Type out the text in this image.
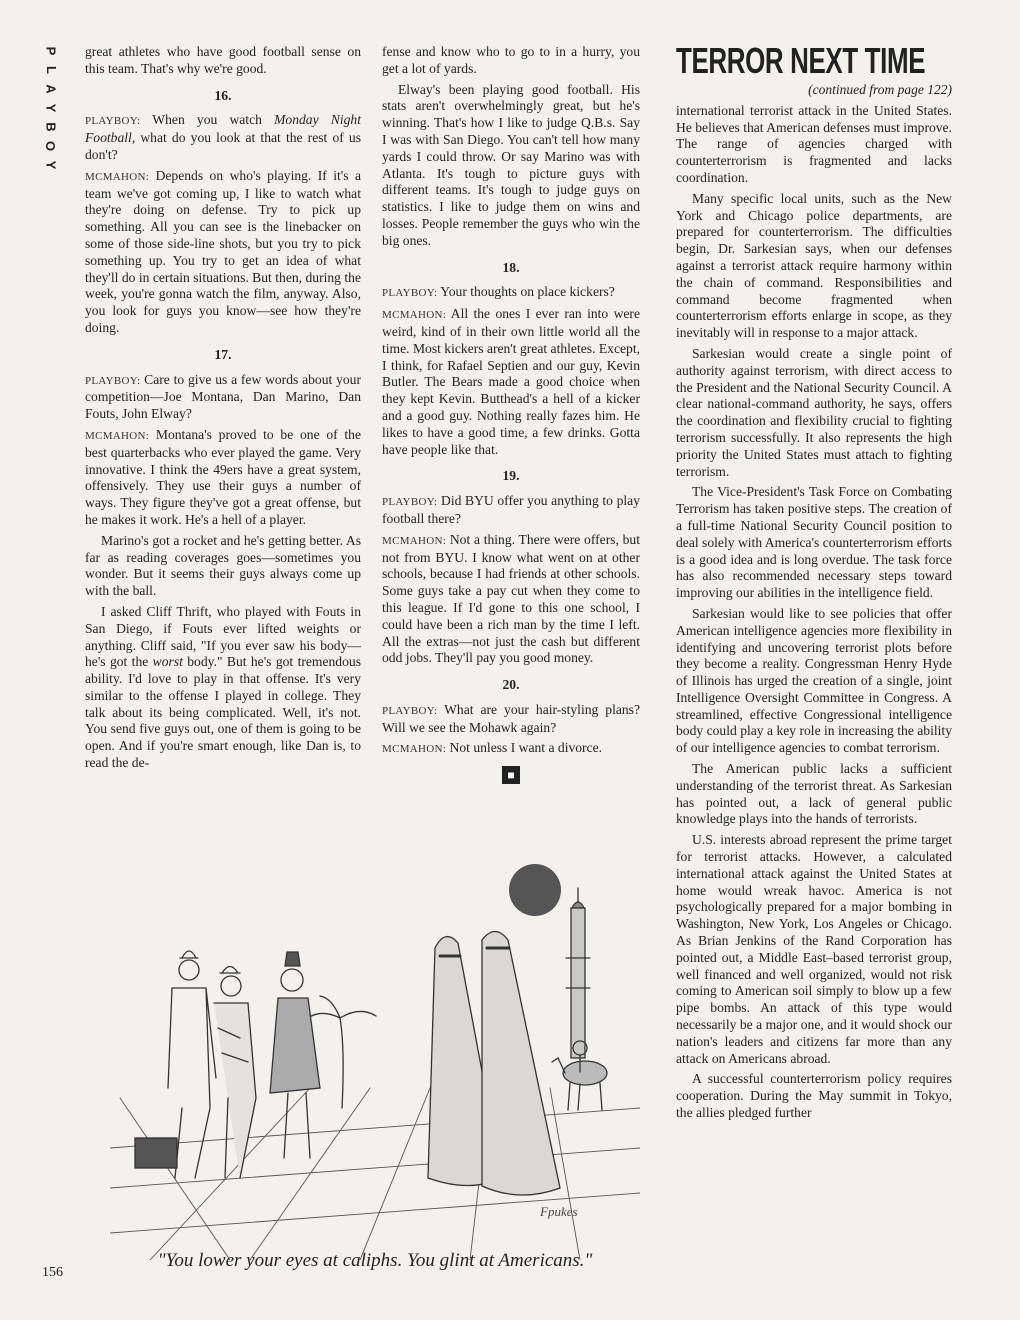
P
L
A
Y
B
O
Y

great athletes who have good football sense on this team. That's why we're good.

16.

PLAYBOY: When you watch Monday Night Football, what do you look at that the rest of us don't?

MCMAHON: Depends on who's playing. If it's a team we've got coming up, I like to watch what they're doing on defense. Try to pick up something. All you can see is the linebacker on some of those side-line shots, but you try to pick something up. You try to get an idea of what they'll do in certain situations. But then, during the week, you're gonna watch the film, anyway. Also, you look for guys you know—see how they're doing.

17.

PLAYBOY: Care to give us a few words about your competition—Joe Montana, Dan Marino, Dan Fouts, John Elway?

MCMAHON: Montana's proved to be one of the best quarterbacks who ever played the game. Very innovative. I think the 49ers have a great system, offensively. They use their guys a number of ways. They figure they've got a great offense, but he makes it work. He's a hell of a player.

Marino's got a rocket and he's getting better. As far as reading coverages goes—sometimes you wonder. But it seems their guys always come up with the ball.

I asked Cliff Thrift, who played with Fouts in San Diego, if Fouts ever lifted weights or anything. Cliff said, "If you ever saw his body—he's got the worst body." But he's got tremendous ability. I'd love to play in that offense. It's very similar to the offense I played in college. They talk about its being complicated. Well, it's not. You send five guys out, one of them is going to be open. And if you're smart enough, like Dan is, to read the de-

fense and know who to go to in a hurry, you get a lot of yards.

Elway's been playing good football. His stats aren't overwhelmingly great, but he's winning. That's how I like to judge Q.B.s. Say I was with San Diego. You can't tell how many yards I could throw. Or say Marino was with Atlanta. It's tough to picture guys with different teams. It's tough to judge guys on statistics. I like to judge them on wins and losses. People remember the guys who win the big ones.

18.

PLAYBOY: Your thoughts on place kickers?

MCMAHON: All the ones I ever ran into were weird, kind of in their own little world all the time. Most kickers aren't great athletes. Except, I think, for Rafael Septien and our guy, Kevin Butler. The Bears made a good choice when they kept Kevin. Butthead's a hell of a kicker and a good guy. Nothing really fazes him. He likes to have a good time, a few drinks. Gotta have people like that.

19.

PLAYBOY: Did BYU offer you anything to play football there?

MCMAHON: Not a thing. There were offers, but not from BYU. I know what went on at other schools, because I had friends at other schools. Some guys take a pay cut when they come to this league. If I'd gone to this one school, I could have been a rich man by the time I left. All the extras—not just the cash but different odd jobs. They'll pay you good money.

20.

PLAYBOY: What are your hair-styling plans? Will we see the Mohawk again?

MCMAHON: Not unless I want a divorce.

■
TERROR NEXT TIME
(continued from page 122)

international terrorist attack in the United States. He believes that American defenses must improve. The range of agencies charged with counterterrorism is fragmented and lacks coordination.

Many specific local units, such as the New York and Chicago police departments, are prepared for counterterrorism. The difficulties begin, Dr. Sarkesian says, when our defenses against a terrorist attack require harmony within the chain of command. Responsibilities and command become fragmented when counterterrorism efforts enlarge in scope, as they inevitably will in response to a major attack.

Sarkesian would create a single point of authority against terrorism, with direct access to the President and the National Security Council. A clear national-command authority, he says, offers the coordination and flexibility crucial to fighting terrorism successfully. It also represents the high priority the United States must attach to fighting terrorism.

The Vice-President's Task Force on Combating Terrorism has taken positive steps. The creation of a full-time National Security Council position to deal solely with America's counterterrorism efforts is a good idea and is long overdue. The task force has also recommended necessary steps toward improving our abilities in the intelligence field.

Sarkesian would like to see policies that offer American intelligence agencies more flexibility in identifying and uncovering terrorist plots before they become a reality. Congressman Henry Hyde of Illinois has urged the creation of a single, joint Intelligence Oversight Committee in Congress. A streamlined, effective Congressional intelligence body could play a key role in increasing the ability of our intelligence agencies to combat terrorism.

The American public lacks a sufficient understanding of the terrorist threat. As Sarkesian has pointed out, a lack of general public knowledge plays into the hands of terrorists.

U.S. interests abroad represent the prime target for terrorist attacks. However, a calculated international attack against the United States at home would wreak havoc. America is not psychologically prepared for a major bombing in Washington, New York, Los Angeles or Chicago. As Brian Jenkins of the Rand Corporation has pointed out, a Middle East–based terrorist group, well financed and well organized, would not risk coming to American soil simply to blow up a few pipe bombs. An attack of this type would necessarily be a major one, and it would shock our nation's leaders and citizens far more than any attack on Americans abroad.

A successful counterterrorism policy requires cooperation. During the May summit in Tokyo, the allies pledged further

Fpukes
"You lower your eyes at caliphs. You glint at Americans."
156
